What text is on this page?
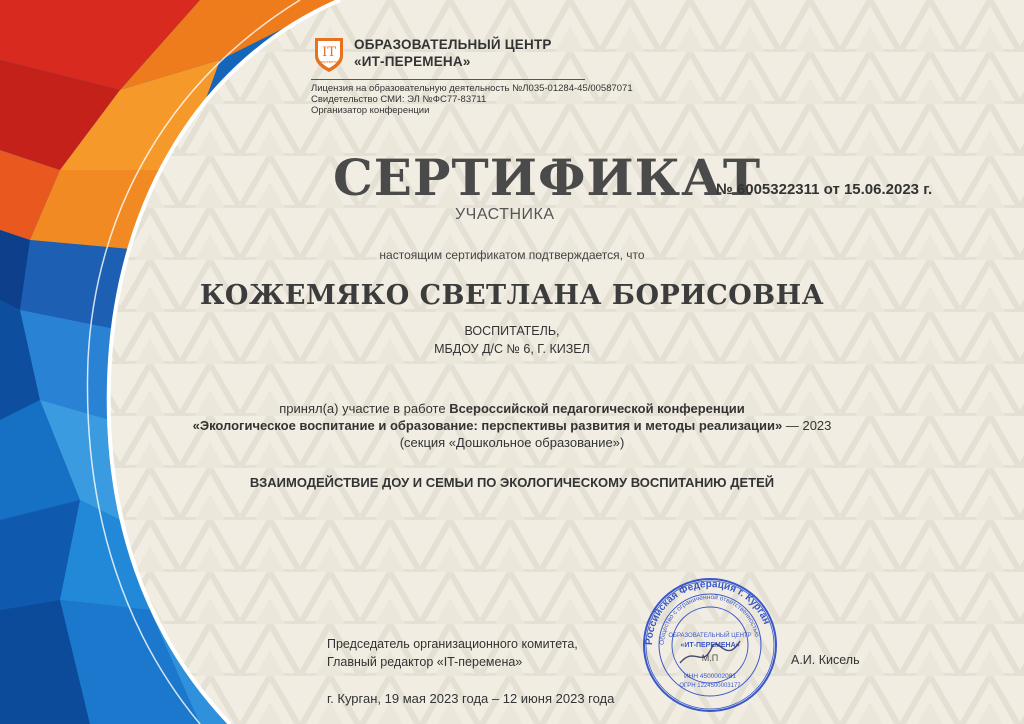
IT
перемена
ОБРАЗОВАТЕЛЬНЫЙ ЦЕНТР
«ИТ-ПЕРЕМЕНА»
Лицензия на образовательную деятельность №Л035-01284-45/00587071
Свидетельство СМИ: ЭЛ №ФС77-83711
Организатор конференции
СЕРТИФИКАТ
№ 6005322311 от 15.06.2023 г.
УЧАСТНИКА
настоящим сертификатом подтверждается, что
КОЖЕМЯКО СВЕТЛАНА БОРИСОВНА
ВОСПИТАТЕЛЬ,
МБДОУ Д/С № 6, Г. КИЗЕЛ
принял(а) участие в работе Всероссийской педагогической конференции
«Экологическое воспитание и образование: перспективы развития и методы реализации» — 2023
(секция «Дошкольное образование»)
ВЗАИМОДЕЙСТВИЕ ДОУ И СЕМЬИ ПО ЭКОЛОГИЧЕСКОМУ ВОСПИТАНИЮ ДЕТЕЙ
Председатель организационного комитета,
Главный редактор «IT-перемена»	А.И. Кисель
г. Курган, 19 мая 2023 года – 12 июня 2023 года
Российская Федерация г. Курган
Общество с ограниченной ответственностью
ОБРАЗОВАТЕЛЬНЫЙ ЦЕНТР
«ИТ-ПЕРЕМЕНА»
М.П
ИНН 4500002081
ОГРН 1224500003177
